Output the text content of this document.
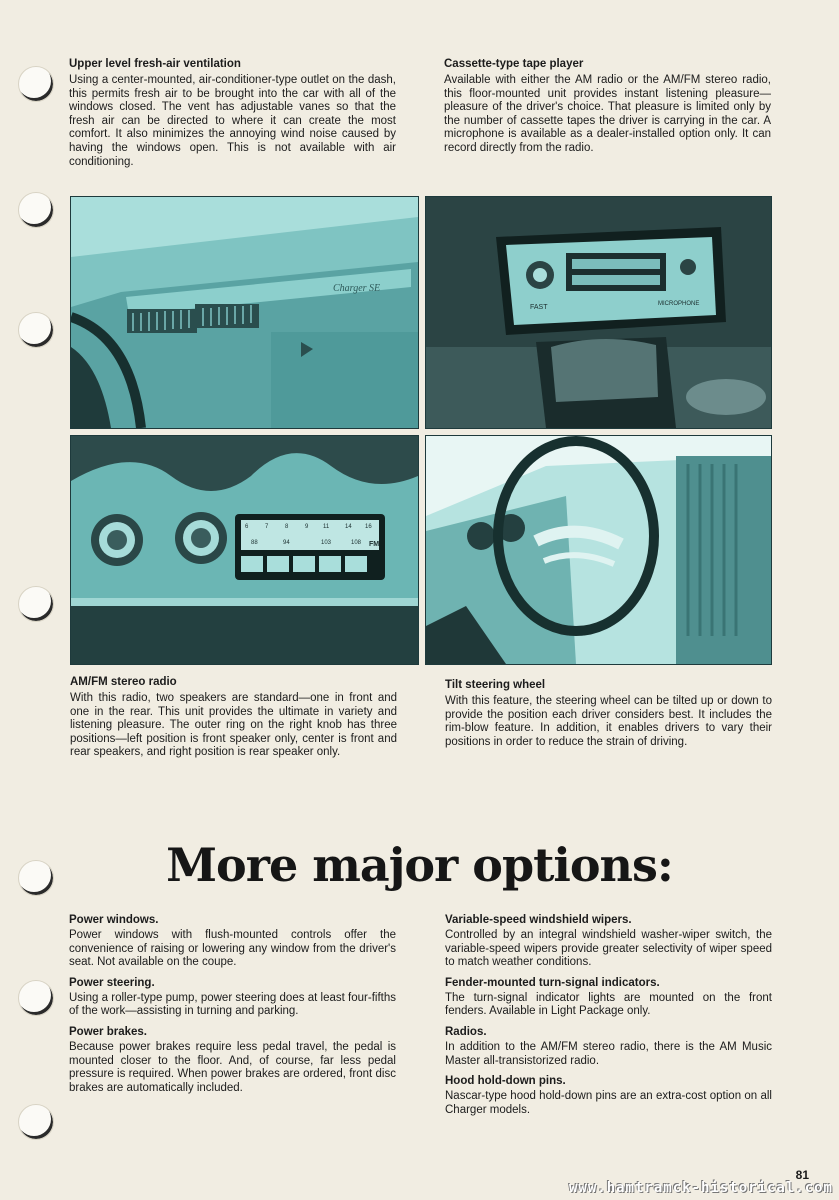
Upper level fresh-air ventilation

Using a center-mounted, air-conditioner-type outlet on the dash, this permits fresh air to be brought into the car with all of the windows closed. The vent has adjustable vanes so that the fresh air can be directed to where it can create the most comfort. It also minimizes the annoying wind noise caused by having the windows open. This is not available with air conditioning.

Cassette-type tape player

Available with either the AM radio or the AM/FM stereo radio, this floor-mounted unit provides instant listening pleasure—pleasure of the driver's choice. That pleasure is limited only by the number of cassette tapes the driver is carrying in the car. A microphone is available as a dealer-installed option only. It can record directly from the radio.

Charger SE
FAST	MICROPHONE
6	7	8	9 11	14 16
88	94	103	108 FM
AM/FM stereo radio

With this radio, two speakers are standard—one in front and one in the rear. This unit provides the ultimate in variety and listening pleasure. The outer ring on the right knob has three positions—left position is front speaker only, center is front and rear speakers, and right position is rear speaker only.

Tilt steering wheel

With this feature, the steering wheel can be tilted up or down to provide the position each driver considers best. It includes the rim-blow feature. In addition, it enables drivers to vary their positions in order to reduce the strain of driving.

More major options:
Power windows.

Power windows with flush-mounted controls offer the convenience of raising or lowering any window from the driver's seat. Not available on the coupe.

Power steering.

Using a roller-type pump, power steering does at least four-fifths of the work—assisting in turning and parking.

Power brakes.

Because power brakes require less pedal travel, the pedal is mounted closer to the floor. And, of course, far less pedal pressure is required. When power brakes are ordered, front disc brakes are automatically included.

Variable-speed windshield wipers.

Controlled by an integral windshield washer-wiper switch, the variable-speed wipers provide greater selectivity of wiper speed to match weather conditions.

Fender-mounted turn-signal indicators.

The turn-signal indicator lights are mounted on the front fenders. Available in Light Package only.

Radios.

In addition to the AM/FM stereo radio, there is the AM Music Master all-transistorized radio.

Hood hold-down pins.

Nascar-type hood hold-down pins are an extra-cost option on all Charger models.

81
www.hamtramck-historical.com
